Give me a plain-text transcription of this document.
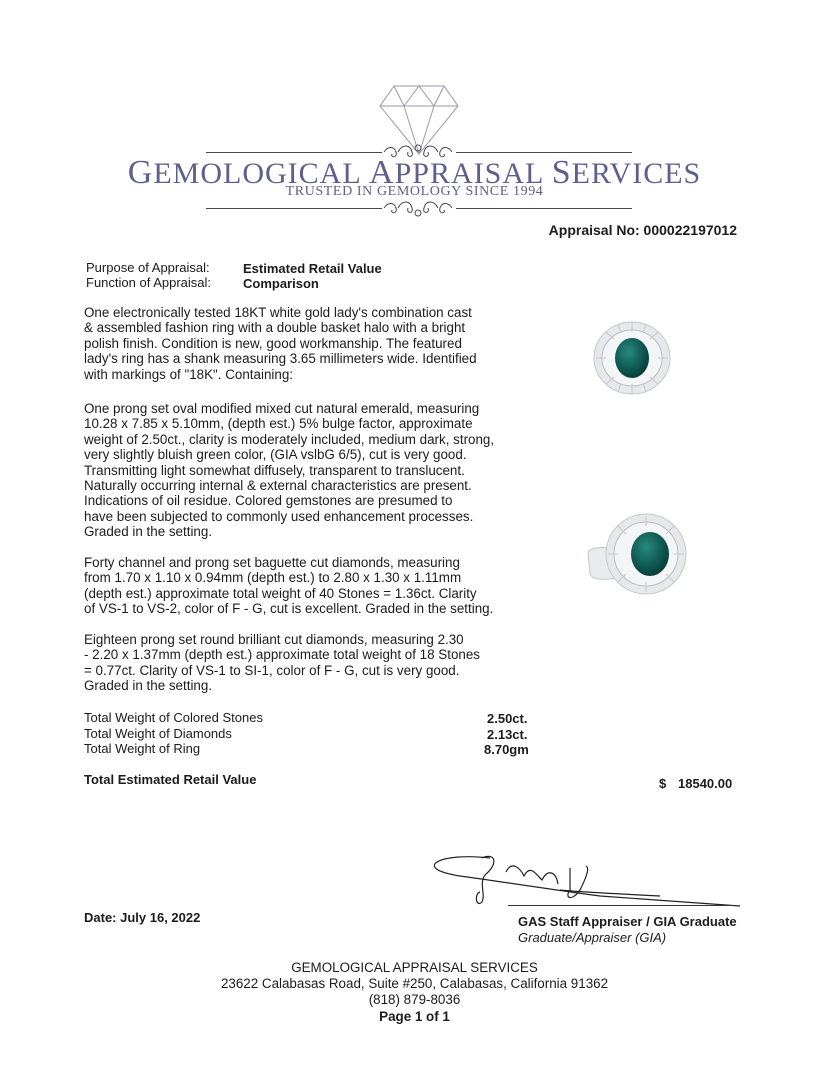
GEMOLOGICAL APPRAISAL SERVICES
TRUSTED IN GEMOLOGY SINCE 1994
Appraisal No: 000022197012
Purpose of Appraisal:	Estimated Retail Value
Function of Appraisal: Comparison
One electronically tested 18KT white gold lady's combination cast
& assembled fashion ring with a double basket halo with a bright
polish finish. Condition is new, good workmanship. The featured
lady's ring has a shank measuring 3.65 millimeters wide. Identified
with markings of "18K". Containing:
One prong set oval modified mixed cut natural emerald, measuring
10.28 x 7.85 x 5.10mm, (depth est.) 5% bulge factor, approximate
weight of 2.50ct., clarity is moderately included, medium dark, strong,
very slightly bluish green color, (GIA vslbG 6/5), cut is very good.
Transmitting light somewhat diffusely, transparent to translucent.
Naturally occurring internal & external characteristics are present.
Indications of oil residue. Colored gemstones are presumed to
have been subjected to commonly used enhancement processes.
Graded in the setting.
Forty channel and prong set baguette cut diamonds, measuring
from 1.70 x 1.10 x 0.94mm (depth est.) to 2.80 x 1.30 x 1.11mm
(depth est.) approximate total weight of 40 Stones = 1.36ct. Clarity
of VS-1 to VS-2, color of F - G, cut is excellent. Graded in the setting.
Eighteen prong set round brilliant cut diamonds, measuring 2.30
- 2.20 x 1.37mm (depth est.) approximate total weight of 18 Stones
= 0.77ct. Clarity of VS-1 to SI-1, color of F - G, cut is very good.
Graded in the setting.
Total Weight of Colored Stones	2.50ct.
Total Weight of Diamonds	2.13ct.
Total Weight of Ring	8.70gm
Total Estimated Retail Value	$ 18540.00
Date: July 16, 2022	GAS Staff Appraiser / GIA Graduate
Graduate/Appraiser (GIA)
GEMOLOGICAL APPRAISAL SERVICES
23622 Calabasas Road, Suite #250, Calabasas, California 91362
(818) 879-8036
Page 1 of 1
